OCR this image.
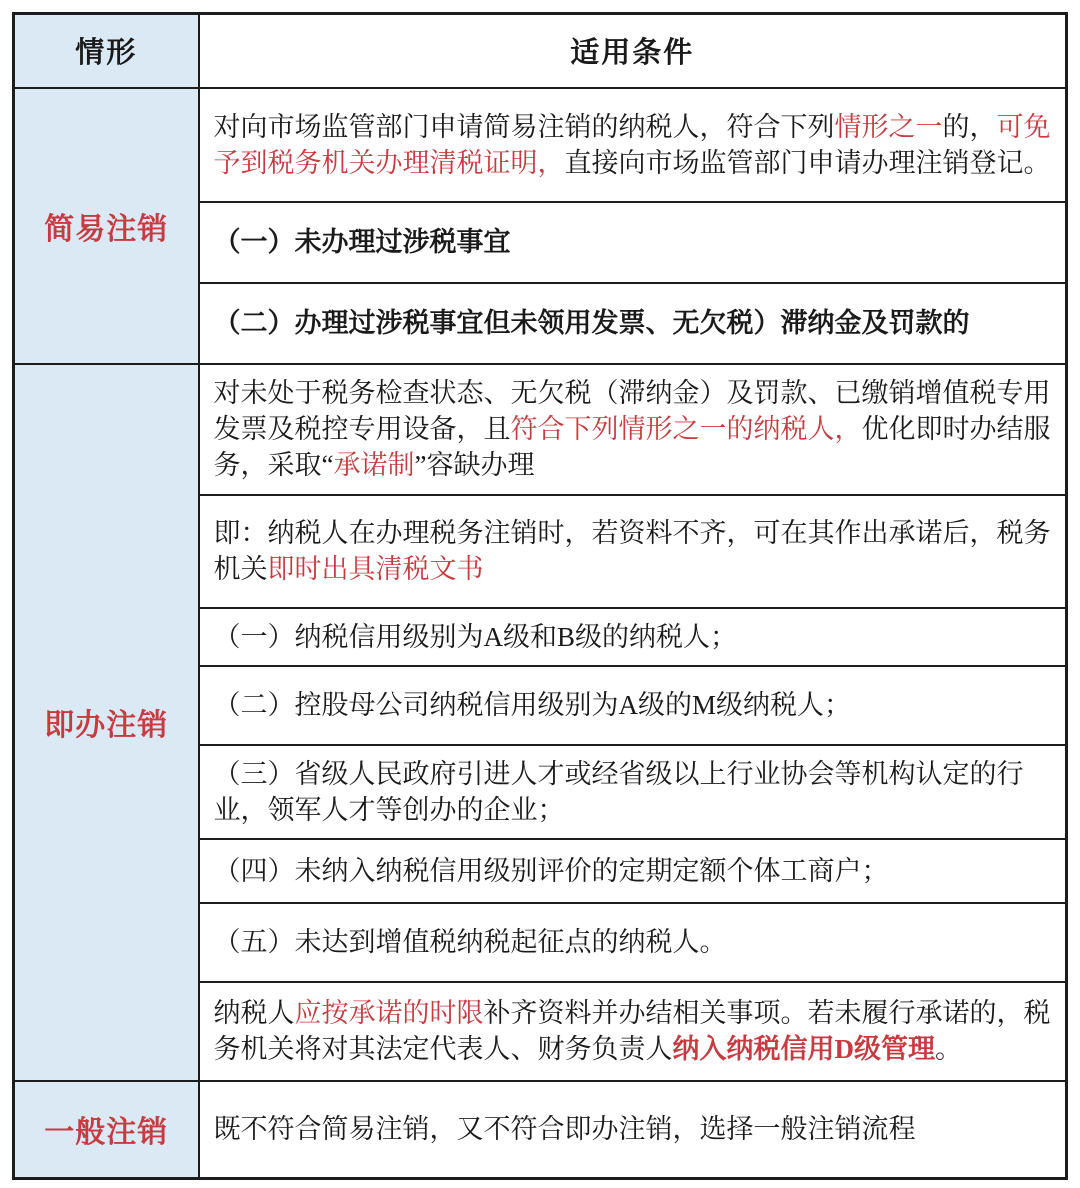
情形	适用条件
简易注销	对向市场监管部门申请简易注销的纳税人，符合下列情形之一的，可免予到税务机关办理清税证明，直接向市场监管部门申请办理注销登记。
	（一）未办理过涉税事宜
	（二）办理过涉税事宜但未领用发票、无欠税）滞纳金及罚款的
即办注销	对未处于税务检查状态、无欠税（滞纳金）及罚款、已缴销增值税专用发票及税控专用设备，且符合下列情形之一的纳税人，优化即时办结服务，采取“承诺制”容缺办理
	即：纳税人在办理税务注销时，若资料不齐，可在其作出承诺后，税务机关即时出具清税文书
	（一）纳税信用级别为A级和B级的纳税人；
	（二）控股母公司纳税信用级别为A级的M级纳税人；
	（三）省级人民政府引进人才或经省级以上行业协会等机构认定的行业，领军人才等创办的企业；
	（四）未纳入纳税信用级别评价的定期定额个体工商户；
	（五）未达到增值税纳税起征点的纳税人。
	纳税人应按承诺的时限补齐资料并办结相关事项。若未履行承诺的，税务机关将对其法定代表人、财务负责人纳入纳税信用D级管理。
一般注销	既不符合简易注销，又不符合即办注销，选择一般注销流程
